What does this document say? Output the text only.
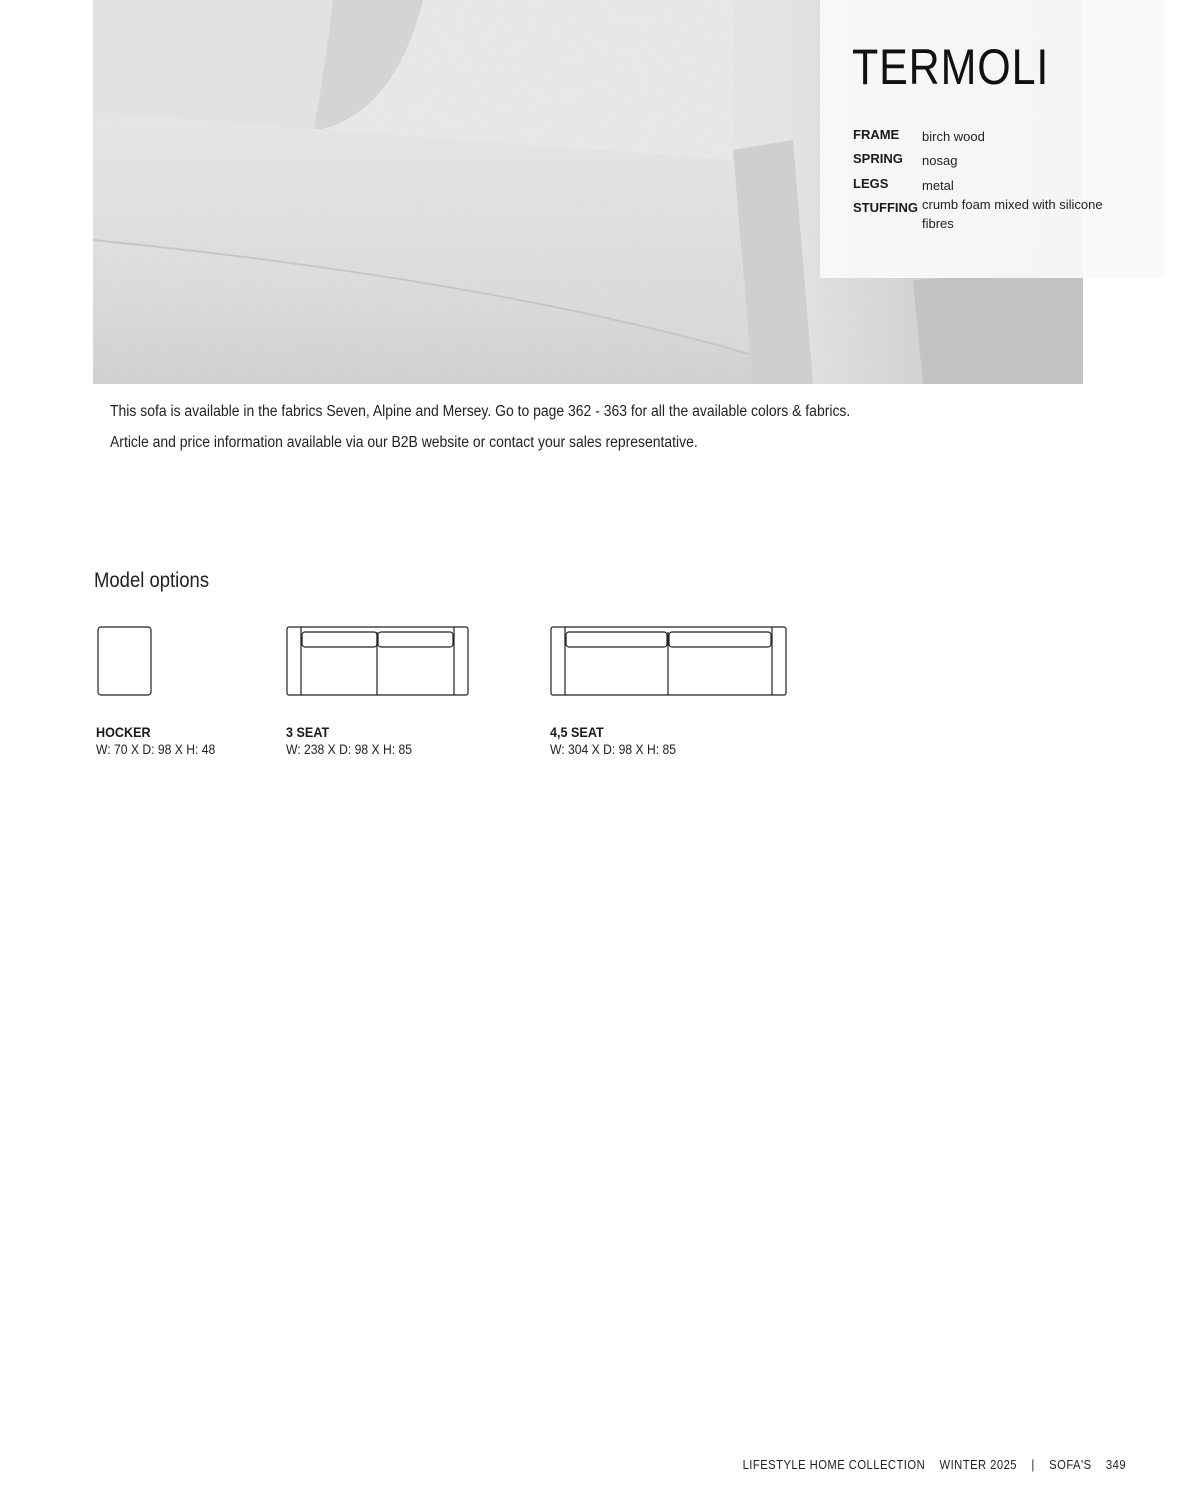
TERMOLI
FRAME	birch wood
SPRING	nosag
LEGS	metal
STUFFING crumb foam mixed with silicone fibres
This sofa is available in the fabrics Seven, Alpine and Mersey. Go to page 362 - 363 for all the available colors & fabrics.
Article and price information available via our B2B website or contact your sales representative.
Model options
HOCKER
W: 70 X D: 98 X H: 48
3 SEAT
W: 238 X D: 98 X H: 85
4,5 SEAT
W: 304 X D: 98 X H: 85
LIFESTYLE HOME COLLECTION WINTER 2025 | SOFA'S 349
